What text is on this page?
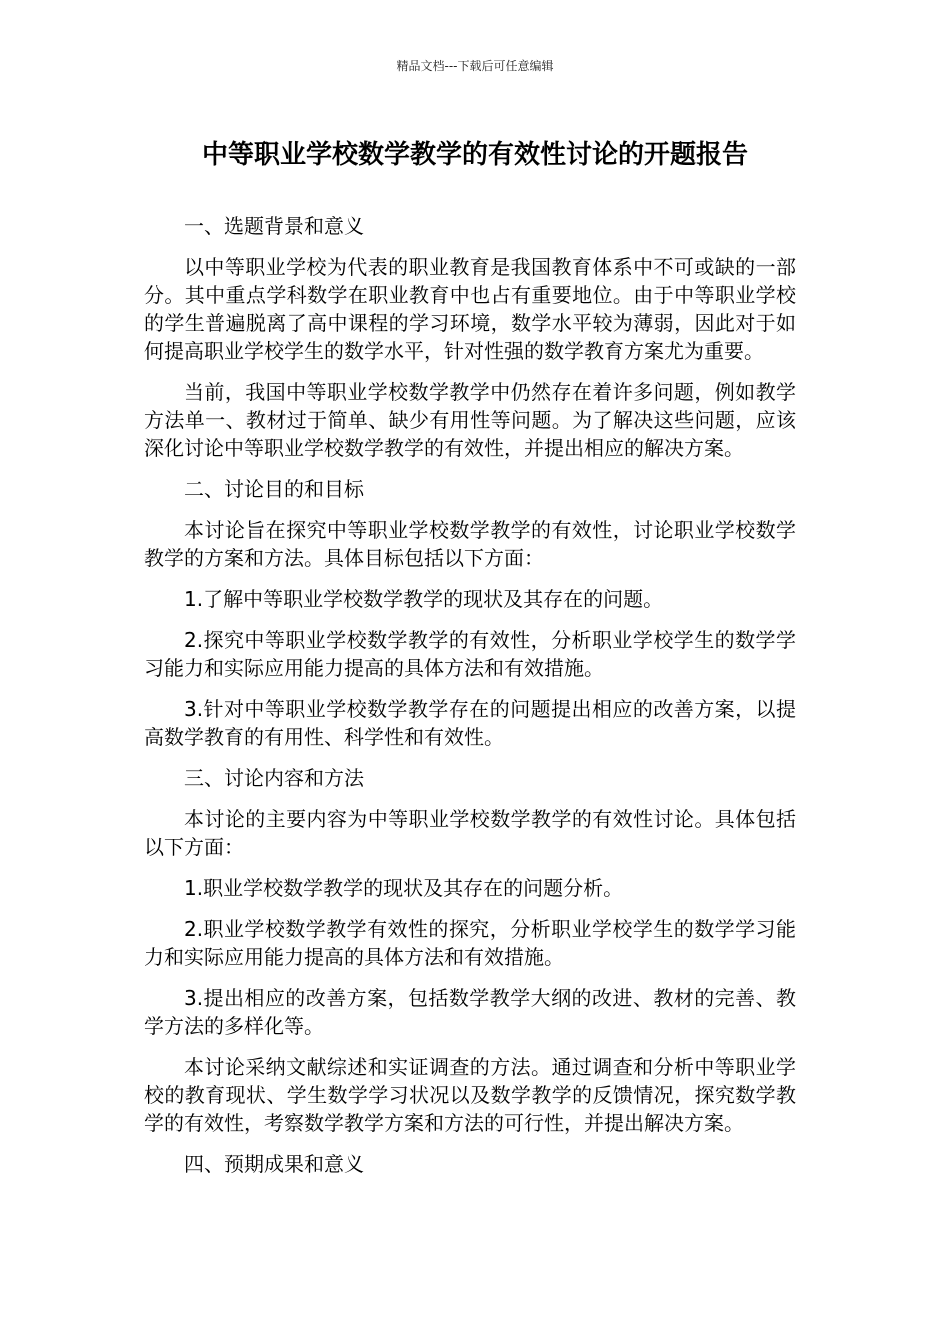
精品文档---下载后可任意编辑
中等职业学校数学教学的有效性讨论的开题报告

一、选题背景和意义

以中等职业学校为代表的职业教育是我国教育体系中不可或缺的一部分。其中重点学科数学在职业教育中也占有重要地位。由于中等职业学校的学生普遍脱离了高中课程的学习环境，数学水平较为薄弱，因此对于如何提高职业学校学生的数学水平，针对性强的数学教育方案尤为重要。

当前，我国中等职业学校数学教学中仍然存在着许多问题，例如教学方法单一、教材过于简单、缺少有用性等问题。为了解决这些问题，应该深化讨论中等职业学校数学教学的有效性，并提出相应的解决方案。

二、讨论目的和目标

本讨论旨在探究中等职业学校数学教学的有效性，讨论职业学校数学教学的方案和方法。具体目标包括以下方面：

1.了解中等职业学校数学教学的现状及其存在的问题。

2.探究中等职业学校数学教学的有效性，分析职业学校学生的数学学习能力和实际应用能力提高的具体方法和有效措施。

3.针对中等职业学校数学教学存在的问题提出相应的改善方案，以提高数学教育的有用性、科学性和有效性。

三、讨论内容和方法

本讨论的主要内容为中等职业学校数学教学的有效性讨论。具体包括以下方面：

1.职业学校数学教学的现状及其存在的问题分析。

2.职业学校数学教学有效性的探究，分析职业学校学生的数学学习能力和实际应用能力提高的具体方法和有效措施。

3.提出相应的改善方案，包括数学教学大纲的改进、教材的完善、教学方法的多样化等。

本讨论采纳文献综述和实证调查的方法。通过调查和分析中等职业学校的教育现状、学生数学学习状况以及数学教学的反馈情况，探究数学教学的有效性，考察数学教学方案和方法的可行性，并提出解决方案。

四、预期成果和意义
